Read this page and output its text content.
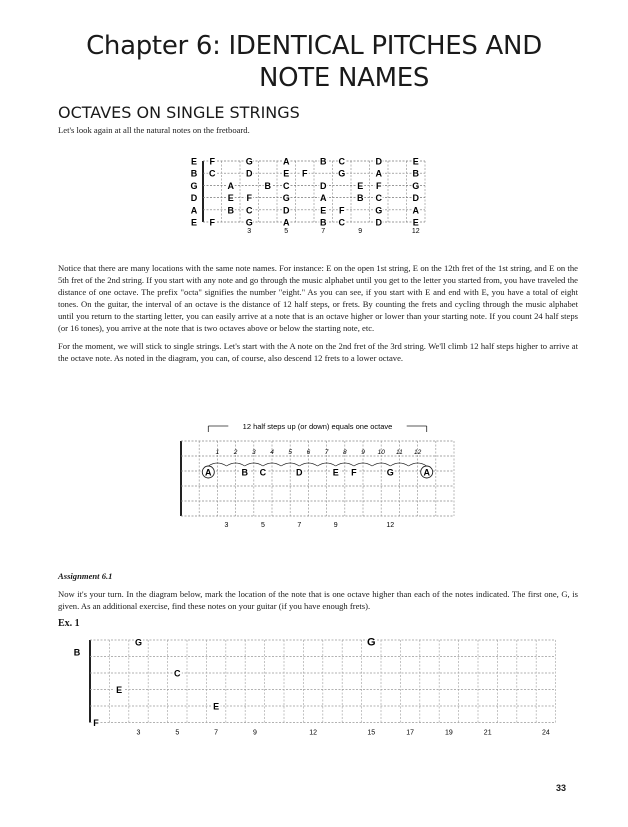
Chapter 6: IDENTICAL PITCHES AND
NOTE NAMES
OCTAVES ON SINGLE STRINGS
Let's look again at all the natural notes on the fretboard.
E
B
G
D
A
E
F	G	A	B C	D	E
C	D	E F	G	A	B
A	B C	D	E F	G
E F	G	A	B C	D
B C	D	E F	G	A
F	G	A	B C	D	E
3	5	7	9	12

Notice that there are many locations with the same note names. For instance: E on the open 1st string, E on the 12th fret of the 1st string, and E on the 5th fret of the 2nd string. If you start with any note and go through the music alphabet until you get to the letter you started from, you have traveled the distance of one octave. The prefix "octa" signifies the number "eight." As you can see, if you start with E and end with E, you have a total of eight tones. On the guitar, the interval of an octave is the distance of 12 half steps, or frets. By counting the frets and cycling through the music alphabet until you return to the starting letter, you can easily arrive at a note that is an octave higher or lower than your starting note. If you count 24 half steps (or 16 tones), you arrive at the note that is two octaves above or below the starting note, etc.

For the moment, we will stick to single strings. Let's start with the A note on the 2nd fret of the 3rd string. We'll climb 12 half steps higher to arrive at the octave note. As noted in the diagram, you can, of course, also descend 12 frets to a lower octave.

12 half steps up (or down) equals one octave
1 2 3 4 5 6 7 8 9 10 11 12
A	B C	D	E F	G	A
3	5	7	9	12
Assignment 6.1
Now it's your turn. In the diagram below, mark the location of the note that is one octave higher than each of the notes indicated. The first one, G, is given. As an additional exercise, find these notes on your guitar (if you have enough frets).
Ex. 1
B
G	G
C
E
E
F
3	5	7	9	12	15	17	19	21	24
33
